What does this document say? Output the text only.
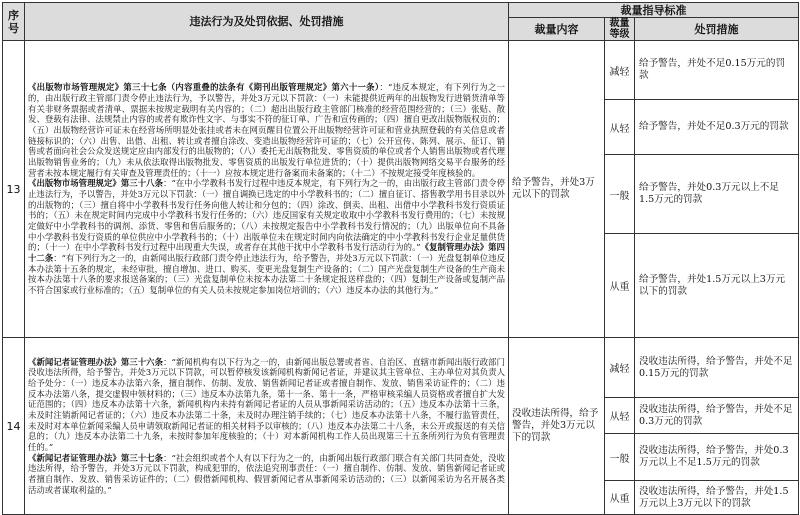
序号	违法行为及处罚依据、处罚措施	裁量指导标准		
		裁量内容	裁量等级	处罚措施
13	《出版物市场管理规定》第三十七条（内容重叠的法条有《期刊出版管理规定》第六十一条）：“违反本规定，有下列行为之一的，由出版行政主管部门责令停止违法行为，予以警告，并处3万元以下罚款：（一）未能提供近两年的出版物发行进销货清单等有关非财务票据或者清单、票据未按规定载明有关内容的；（二）超出出版行政主管部门核准的经营范围经营的；（三）张贴、散发、登载有法律、法规禁止内容的或者有欺诈性文字、与事实不符的征订单、广告和宣传画的；（四）擅自更改出版物版权页的；（五）出版物经营许可证未在经营场所明显处张挂或者未在网页醒目位置公开出版物经营许可证和营业执照登载的有关信息或者链接标识的；（六）出售、出借、出租、转让或者擅自涂改、变造出版物经营许可证的；（七）公开宣传、陈列、展示、征订、销售或者面向社会公众发送规定应由内部发行的出版物的；（八）委托无出版物批发、零售资质的单位或者个人销售出版物或者代理出版物销售业务的；（九）未从依法取得出版物批发、零售资质的出版发行单位进货的；（十）提供出版物网络交易平台服务的经营者未按本规定履行有关审查及管理责任的；（十一）应按本规定进行备案而未备案的；（十二）不按规定接受年度核验的。

《出版物市场管理规定》第三十八条：“在中小学教科书发行过程中违反本规定，有下列行为之一的，由出版行政主管部门责令停止违法行为，予以警告，并处3万元以下罚款：（一）擅自调换已选定的中小学教科书的；（二）擅自征订、搭售教学用书目录以外的出版物的；（三）擅自将中小学教科书发行任务向他人转让和分包的；（四）涂改、倒卖、出租、出借中小学教科书发行资质证书的；（五）未在规定时间内完成中小学教科书发行任务的；（六）违反国家有关规定收取中小学教科书发行费用的；（七）未按规定做好中小学教科书的调剂、添货、零售和售后服务的；（八）未按规定报告中小学教科书发行情况的；（九）出版单位向不具备中小学教科书发行资质的单位供应中小学教科书的；（十）出版单位未在规定时间内向依法确定的中小学教科书发行企业足量供货的；（十一）在中小学教科书发行过程中出现重大失误，或者存在其他干扰中小学教科书发行活动行为的。”《复制管理办法》第四十二条：“有下列行为之一的，由新闻出版行政部门责令停止违法行为，给予警告，并处3万元以下罚款：（一）光盘复制单位违反本办法第十五条的规定，未经审批，擅自增加、进口、购买、变更光盘复制生产设备的；（二）国产光盘复制生产设备的生产商未按本办法第十八条的要求报送备案的；（三）光盘复制单位未按本办法第二十条规定报送样盘的；（四）复制生产设备或复制产品不符合国家或行业标准的；（五）复制单位的有关人员未按规定参加岗位培训的；（六）违反本办法的其他行为。”	给予警告，并处3万元以下的罚款	减轻	给予警告，并处不足0.15万元的罚款
			从轻	给予警告，并处不足0.3万元的罚款
			一般	给予警告，并处0.3万元以上不足1.5万元的罚款
			从重	给予警告，并处1.5万元以上3万元以下的罚款
14	《新闻记者证管理办法》第三十六条：“新闻机构有以下行为之一的，由新闻出版总署或者省、自治区、直辖市新闻出版行政部门没收违法所得，给予警告，并处3万元以下罚款，可以暂停核发该新闻机构新闻记者证，并建议其主管单位、主办单位对其负责人给予处分：（一）违反本办法第六条，擅自制作、仿制、发放、销售新闻记者证或者擅自制作、发放、销售采访证件的；（二）违反本办法第八条，提交虚假申领材料的；（三）违反本办法第九条，第十一条、第十一条，严格审核采编人员资格或者擅自扩大发证范围的；（四）违反本办法第十六条，新闻机构内未持有新闻记者证的人员从事新闻采访活动的；（五）违反本办法第十三条，未及时注销新闻记者证的；（六）违反本办法第二十条，未及时办理注销手续的；（七）违反本办法第十八条，不履行监管责任，未及时对本单位新闻采编人员申请领取新闻记者证的相关材料予以审核的；（八）违反本办法第二十八条，未公开或报送的有关信息的；（九）违反本办法第二十九条，未按时参加年度核验的；（十）对本新闻机构工作人员出现第三十五条所列行为负有管理责任的。”

《新闻记者证管理办法》第三十七条：“社会组织或者个人有以下行为之一的，由新闻出版行政部门联合有关部门共同查处，没收违法所得，给予警告，并处3万元以下罚款，构成犯罪的，依法追究刑事责任：（一）擅自制作、仿制、发放、销售新闻记者证或者擅自制作、发放、销售采访证件的；（二）假借新闻机构、假冒新闻记者从事新闻采访活动的；（三）以新闻采访为名开展各类活动或者谋取利益的。”	没收违法所得，给予警告，并处3万元以下的罚款	减轻	没收违法所得，给予警告，并处不足0.15万元的罚款
			从轻	没收违法所得，给予警告，并处不足0.3万元的罚款
			一般	没收违法所得，给予警告，并处0.3万元以上不足1.5万元的罚款
			从重	没收违法所得，给予警告，并处1.5万元以上3万元以下的罚款
